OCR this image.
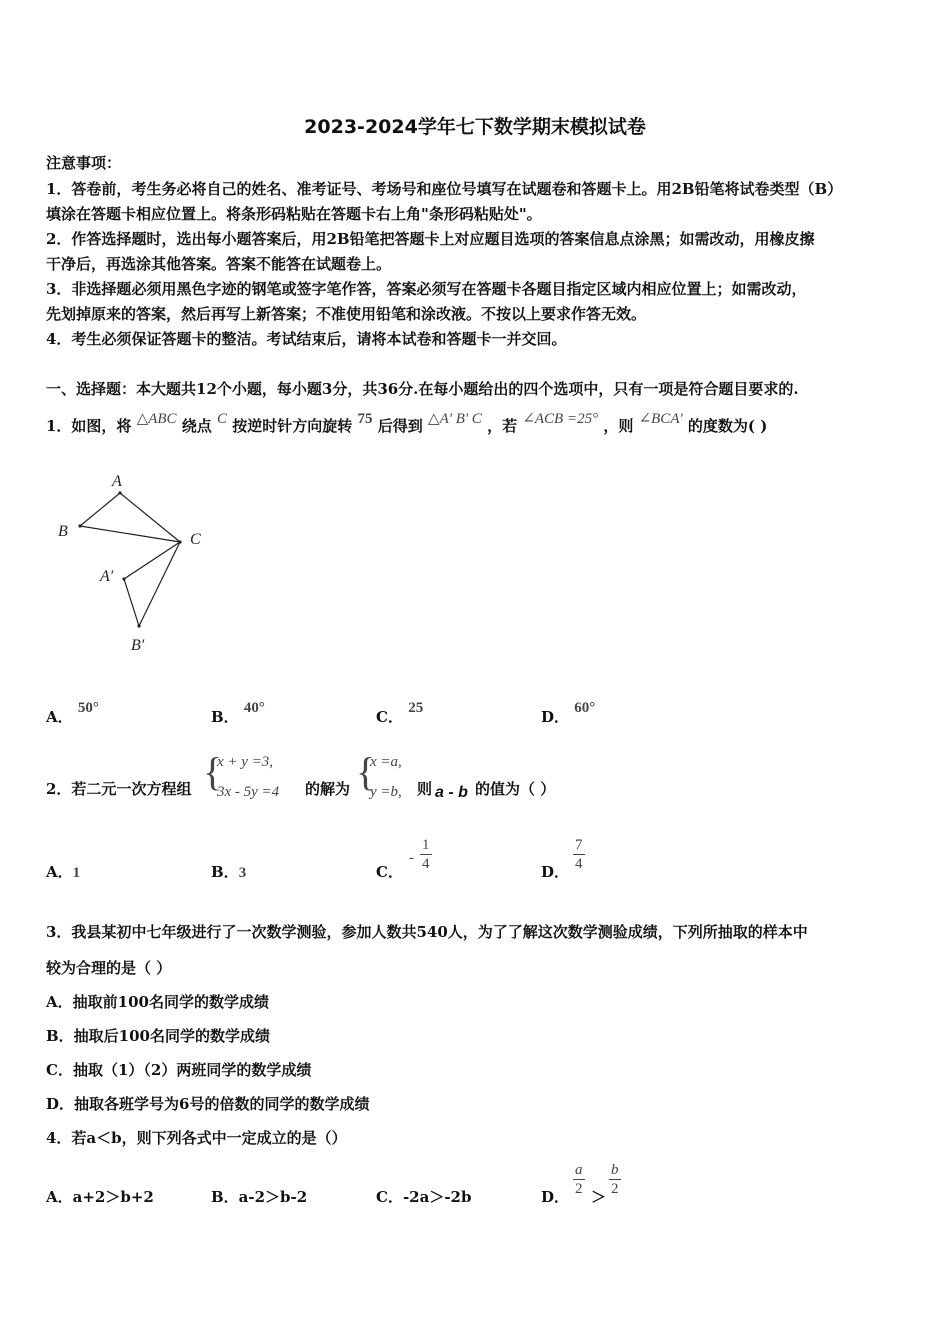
2023-2024学年七下数学期末模拟试卷
注意事项：
1．答卷前，考生务必将自己的姓名、准考证号、考场号和座位号填写在试题卷和答题卡上。用2B铅笔将试卷类型（B）
填涂在答题卡相应位置上。将条形码粘贴在答题卡右上角"条形码粘贴处"。
2．作答选择题时，选出每小题答案后，用2B铅笔把答题卡上对应题目选项的答案信息点涂黑；如需改动，用橡皮擦
干净后，再选涂其他答案。答案不能答在试题卷上。
3．非选择题必须用黑色字迹的钢笔或签字笔作答，答案必须写在答题卡各题目指定区域内相应位置上；如需改动，
先划掉原来的答案，然后再写上新答案；不准使用铅笔和涂改液。不按以上要求作答无效。
4．考生必须保证答题卡的整洁。考试结束后，请将本试卷和答题卡一并交回。
一、选择题：本大题共12个小题，每小题3分，共36分.在每小题给出的四个选项中，只有一项是符合题目要求的.
1．如图，将 △ABC 绕点 C 按逆时针方向旋转 75 后得到 △A' B' C ，若 ∠ACB =25° ，则 ∠BCA' 的度数为( )
A
B	C
A′
B′
A． 50°	B． 40°	C． 25	D． 60°
2．若二元一次方程组 {
x + y =3,
3x - 5y =4 的解为 {
x =a,
y =b, 则 a - b 的值为（ ）
A．1	B．3	C．
- $\frac{1}{4}$	D． $\frac{7}{4}$
3．我县某初中七年级进行了一次数学测验，参加人数共540人，为了了解这次数学测验成绩，下列所抽取的样本中
较为合理的是（ ）
A．抽取前100名同学的数学成绩
B．抽取后100名同学的数学成绩
C．抽取（1）（2）两班同学的数学成绩
D．抽取各班学号为6号的倍数的同学的数学成绩
4．若a＜b，则下列各式中一定成立的是（）
A．a+2＞b+2	B．a-2＞b-2	C．-2a＞-2b	D． $\frac{a}{2} > \frac{b}{2}$
